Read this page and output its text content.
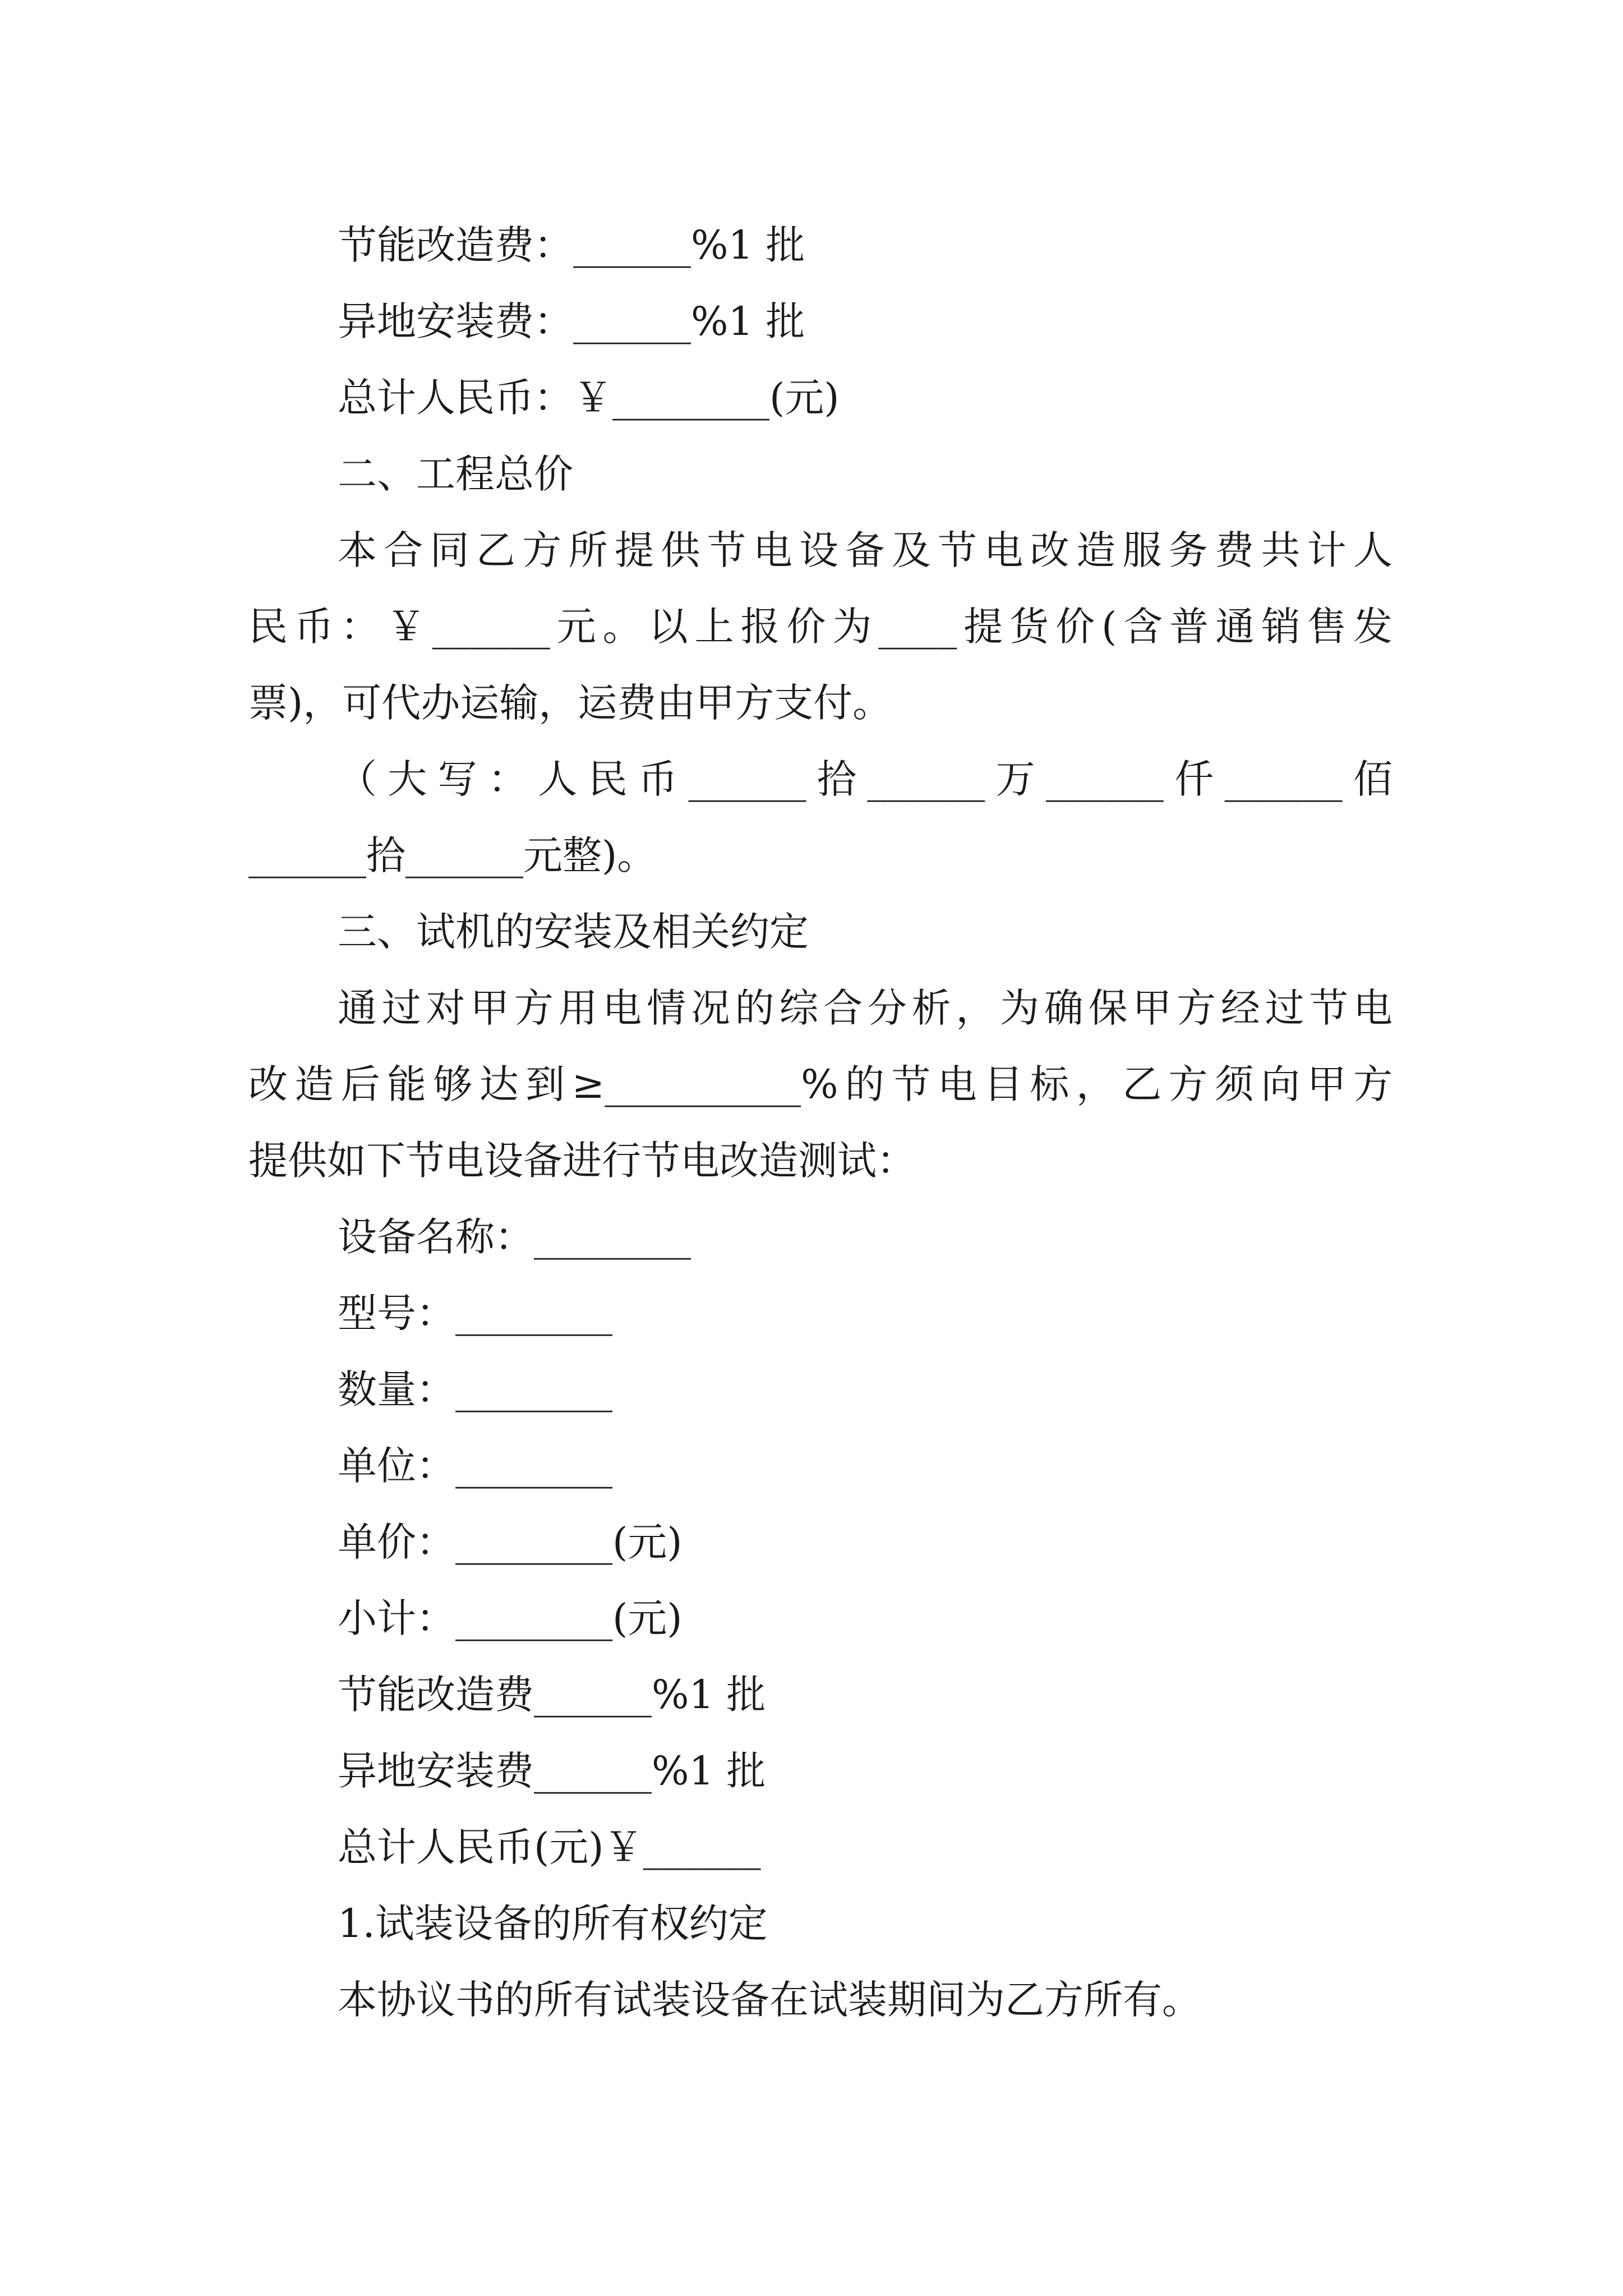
节能改造费：______%1 批
异地安装费：______%1 批
总计人民币：￥________(元)
二、工程总价
本合同乙方所提供节电设备及节电改造服务费共计人
民币：￥______元。以上报价为____提货价(含普通销售发
票)，可代办运输，运费由甲方支付。
（大写：人民币______拾______万______仟______佰
______拾______元整)。
三、试机的安装及相关约定
通过对甲方用电情况的综合分析，为确保甲方经过节电
改造后能够达到≥__________%的节电目标，乙方须向甲方
提供如下节电设备进行节电改造测试：
设备名称：________
型号：________
数量：________
单位：________
单价：________(元)
小计：________(元)
节能改造费______%1 批
异地安装费______%1 批
总计人民币(元)￥______
1.试装设备的所有权约定
本协议书的所有试装设备在试装期间为乙方所有。
